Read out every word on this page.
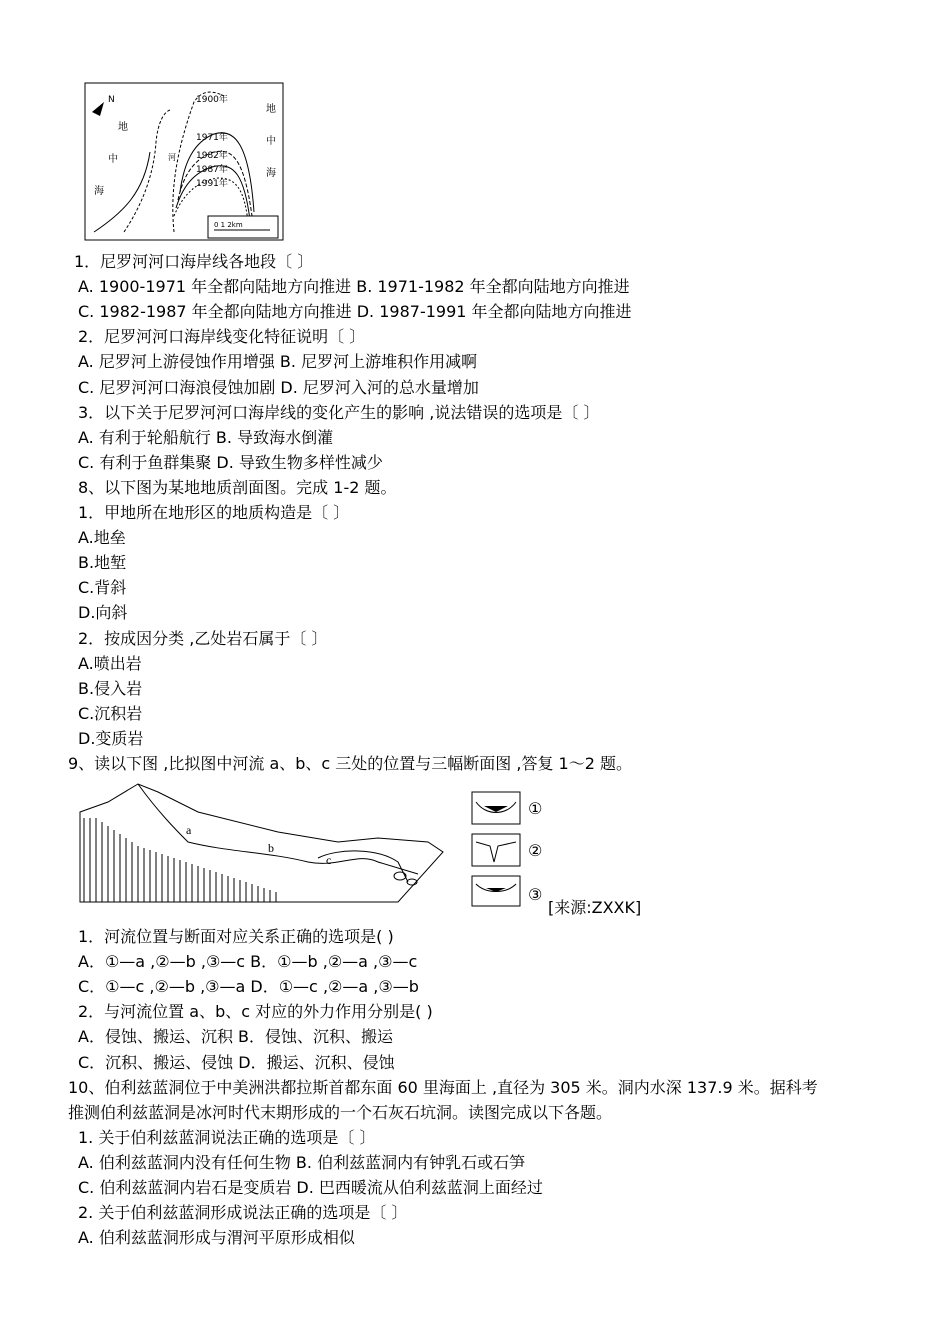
N
地
中
海
地
中
海
1900年
1971年
1982年
1987年
1991年
河
0 1 2km
1．尼罗河河口海岸线各地段〔 〕
A. 1900-1971 年全都向陆地方向推进 B. 1971-1982 年全都向陆地方向推进
C. 1982-1987 年全都向陆地方向推进 D. 1987-1991 年全都向陆地方向推进
2．尼罗河河口海岸线变化特征说明〔 〕
A. 尼罗河上游侵蚀作用增强 B. 尼罗河上游堆积作用减啊
C. 尼罗河河口海浪侵蚀加剧 D. 尼罗河入河的总水量增加
3．以下关于尼罗河河口海岸线的变化产生的影响 ,说法错误的选项是〔 〕
A. 有利于轮船航行 B. 导致海水倒灌
C. 有利于鱼群集聚 D. 导致生物多样性减少
8、以下图为某地地质剖面图。完成 1-2 题。
1．甲地所在地形区的地质构造是〔 〕
A.地垒
B.地堑
C.背斜
D.向斜
2．按成因分类 ,乙处岩石属于〔 〕
A.喷出岩
B.侵入岩
C.沉积岩
D.变质岩
9、读以下图 ,比拟图中河流 a、b、c 三处的位置与三幅断面图 ,答复 1～2 题。
a
b
c
①
②
③
[来源:ZXXK]
1．河流位置与断面对应关系正确的选项是( )
A．①—a ,②—b ,③—c B．①—b ,②—a ,③—c
C．①—c ,②—b ,③—a D．①—c ,②—a ,③—b
2．与河流位置 a、b、c 对应的外力作用分别是( )
A．侵蚀、搬运、沉积 B．侵蚀、沉积、搬运
C．沉积、搬运、侵蚀 D．搬运、沉积、侵蚀
10、伯利兹蓝洞位于中美洲洪都拉斯首都东面 60 里海面上 ,直径为 305 米。洞内水深 137.9 米。据科考
推测伯利兹蓝洞是冰河时代末期形成的一个石灰石坑洞。读图完成以下各题。
1. 关于伯利兹蓝洞说法正确的选项是〔 〕
A. 伯利兹蓝洞内没有任何生物 B. 伯利兹蓝洞内有钟乳石或石笋
C. 伯利兹蓝洞内岩石是变质岩 D. 巴西暖流从伯利兹蓝洞上面经过
2. 关于伯利兹蓝洞形成说法正确的选项是〔 〕
A. 伯利兹蓝洞形成与渭河平原形成相似
